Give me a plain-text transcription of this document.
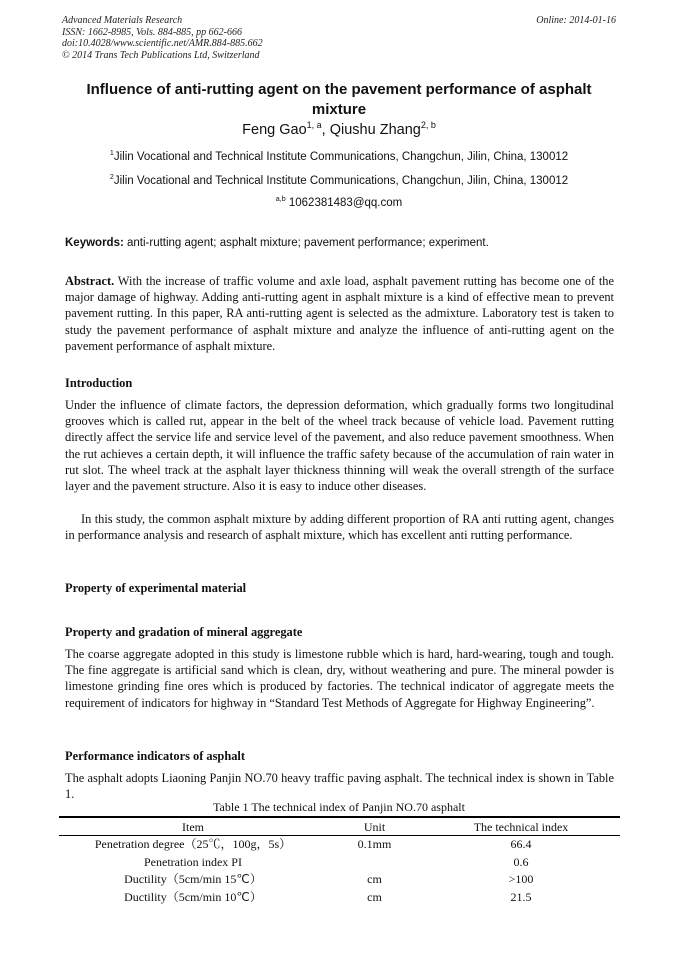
Advanced Materials Research
ISSN: 1662-8985, Vols. 884-885, pp 662-666
doi:10.4028/www.scientific.net/AMR.884-885.662
© 2014 Trans Tech Publications Ltd, Switzerland
Online: 2014-01-16
Influence of anti-rutting agent on the pavement performance of asphalt mixture
Feng Gao$^{1, a}$, Qiushu Zhang$^{2, b}$
$^1$Jilin Vocational and Technical Institute Communications, Changchun, Jilin, China, 130012
$^2$Jilin Vocational and Technical Institute Communications, Changchun, Jilin, China, 130012
$^{a,b}$ 1062381483@qq.com
Keywords: anti-rutting agent; asphalt mixture; pavement performance; experiment.
Abstract. With the increase of traffic volume and axle load, asphalt pavement rutting has become one of the major damage of highway. Adding anti-rutting agent in asphalt mixture is a kind of effective mean to prevent pavement rutting. In this paper, RA anti-rutting agent is selected as the admixture. Laboratory test is taken to study the pavement performance of asphalt mixture and analyze the influence of anti-rutting agent on the pavement performance of asphalt mixture.
Introduction
Under the influence of climate factors, the depression deformation, which gradually forms two longitudinal grooves which is called rut, appear in the belt of the wheel track because of vehicle load. Pavement rutting directly affect the service life and service level of the pavement, and also reduce pavement smoothness. When the rut achieves a certain depth, it will influence the traffic safety because of the accumulation of rain water in rut slot. The wheel track at the asphalt layer thickness thinning will weak the overall strength of the surface layer and the pavement structure. Also it is easy to induce other diseases.
In this study, the common asphalt mixture by adding different proportion of RA anti rutting agent, changes in performance analysis and research of asphalt mixture, which has excellent anti rutting performance.
Property of experimental material
Property and gradation of mineral aggregate
The coarse aggregate adopted in this study is limestone rubble which is hard, hard-wearing, tough and tough. The fine aggregate is artificial sand which is clean, dry, without weathering and pure. The mineral powder is limestone grinding fine ores which is produced by factories. The technical indicator of aggregate meets the requirement of indicators for highway in “Standard Test Methods of Aggregate for Highway Engineering”.
Performance indicators of asphalt
The asphalt adopts Liaoning Panjin NO.70 heavy traffic paving asphalt. The technical index is shown in Table 1.
Table 1 The technical index of Panjin NO.70 asphalt
Item	Unit	The technical index
Penetration degree（25℃，100g，5s）	0.1mm	66.4
Penetration index PI		0.6
Ductility（5cm/min 15℃）	cm	>100
Ductility（5cm/min 10℃）	cm	21.5
